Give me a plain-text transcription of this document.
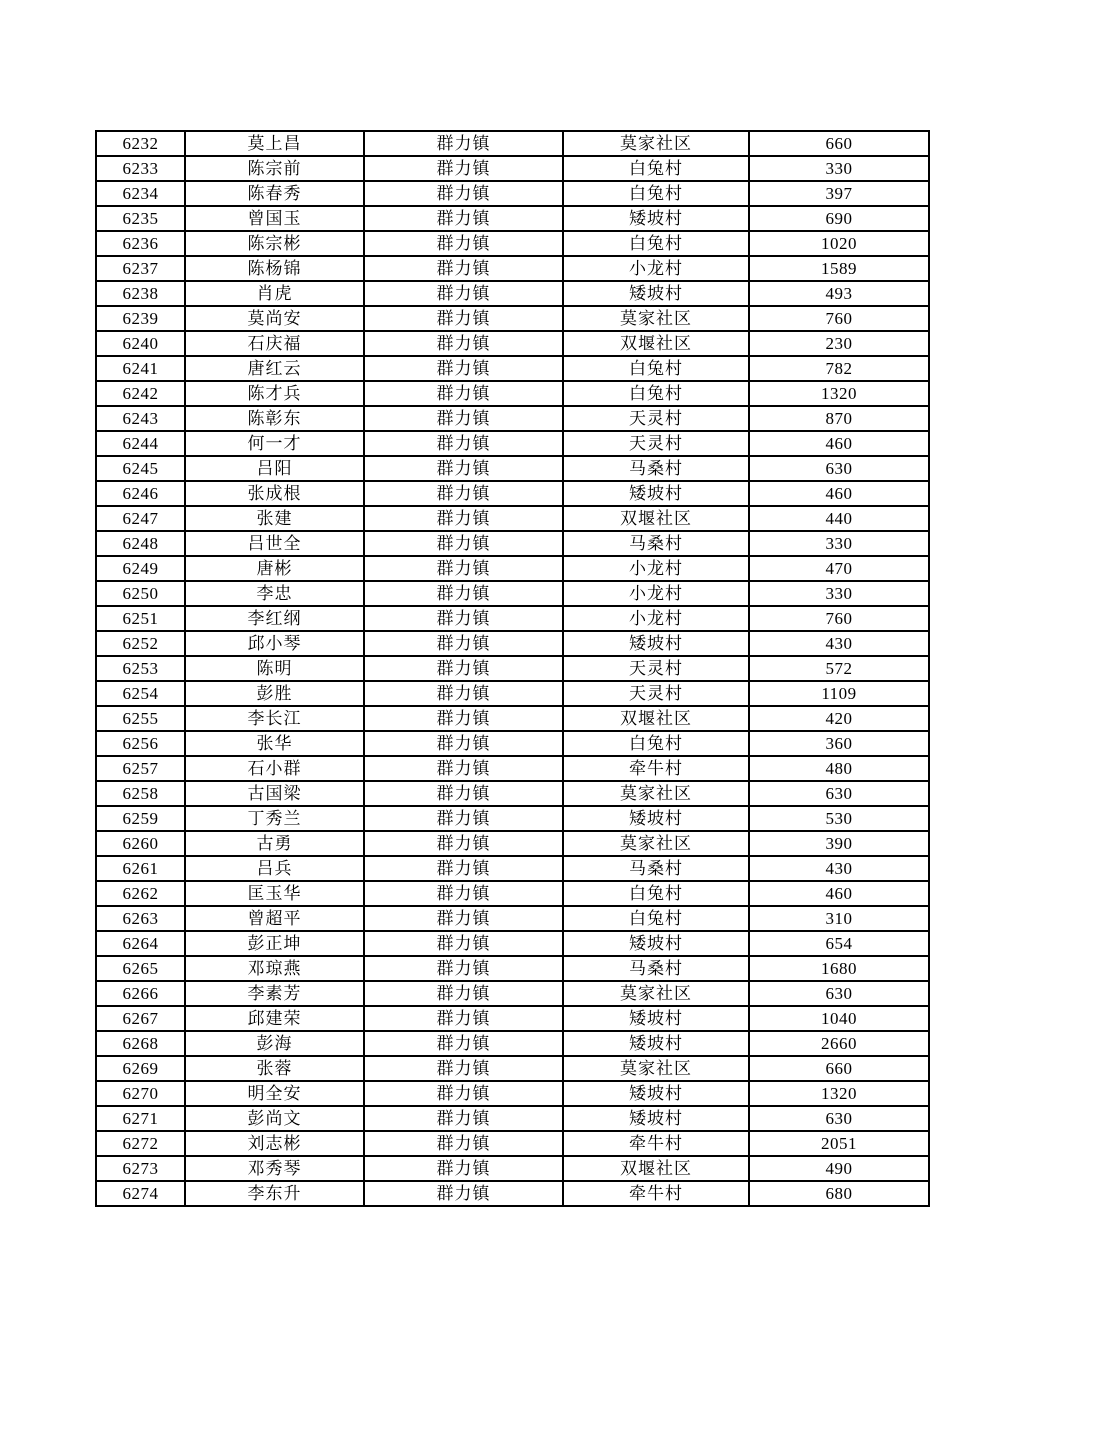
6232	莫上昌	群力镇	莫家社区	660
6233	陈宗前	群力镇	白兔村	330
6234	陈春秀	群力镇	白兔村	397
6235	曾国玉	群力镇	矮坡村	690
6236	陈宗彬	群力镇	白兔村	1020
6237	陈杨锦	群力镇	小龙村	1589
6238	肖虎	群力镇	矮坡村	493
6239	莫尚安	群力镇	莫家社区	760
6240	石庆福	群力镇	双堰社区	230
6241	唐红云	群力镇	白兔村	782
6242	陈才兵	群力镇	白兔村	1320
6243	陈彰东	群力镇	天灵村	870
6244	何一才	群力镇	天灵村	460
6245	吕阳	群力镇	马桑村	630
6246	张成根	群力镇	矮坡村	460
6247	张建	群力镇	双堰社区	440
6248	吕世全	群力镇	马桑村	330
6249	唐彬	群力镇	小龙村	470
6250	李忠	群力镇	小龙村	330
6251	李红纲	群力镇	小龙村	760
6252	邱小琴	群力镇	矮坡村	430
6253	陈明	群力镇	天灵村	572
6254	彭胜	群力镇	天灵村	1109
6255	李长江	群力镇	双堰社区	420
6256	张华	群力镇	白兔村	360
6257	石小群	群力镇	牵牛村	480
6258	古国梁	群力镇	莫家社区	630
6259	丁秀兰	群力镇	矮坡村	530
6260	古勇	群力镇	莫家社区	390
6261	吕兵	群力镇	马桑村	430
6262	匡玉华	群力镇	白兔村	460
6263	曾超平	群力镇	白兔村	310
6264	彭正坤	群力镇	矮坡村	654
6265	邓琼燕	群力镇	马桑村	1680
6266	李素芳	群力镇	莫家社区	630
6267	邱建荣	群力镇	矮坡村	1040
6268	彭海	群力镇	矮坡村	2660
6269	张蓉	群力镇	莫家社区	660
6270	明全安	群力镇	矮坡村	1320
6271	彭尚文	群力镇	矮坡村	630
6272	刘志彬	群力镇	牵牛村	2051
6273	邓秀琴	群力镇	双堰社区	490
6274	李东升	群力镇	牵牛村	680
